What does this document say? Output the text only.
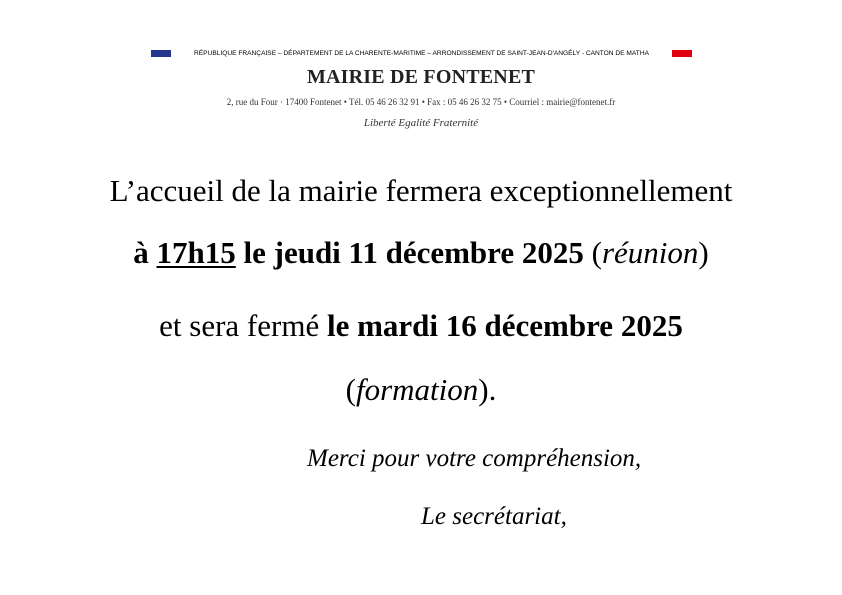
RÉPUBLIQUE FRANÇAISE – DÉPARTEMENT DE LA CHARENTE-MARITIME – ARRONDISSEMENT DE SAINT-JEAN-D'ANGÉLY - CANTON DE MATHA
MAIRIE DE FONTENET
2, rue du Four · 17400 Fontenet • Tél. 05 46 26 32 91 • Fax : 05 46 26 32 75 • Courriel : mairie@fontenet.fr
Liberté Egalité Fraternité
L’accueil de la mairie fermera exceptionnellement
à 17h15 le jeudi 11 décembre 2025 (réunion)
et sera fermé le mardi 16 décembre 2025
(formation).
Merci pour votre compréhension,
Le secrétariat,
